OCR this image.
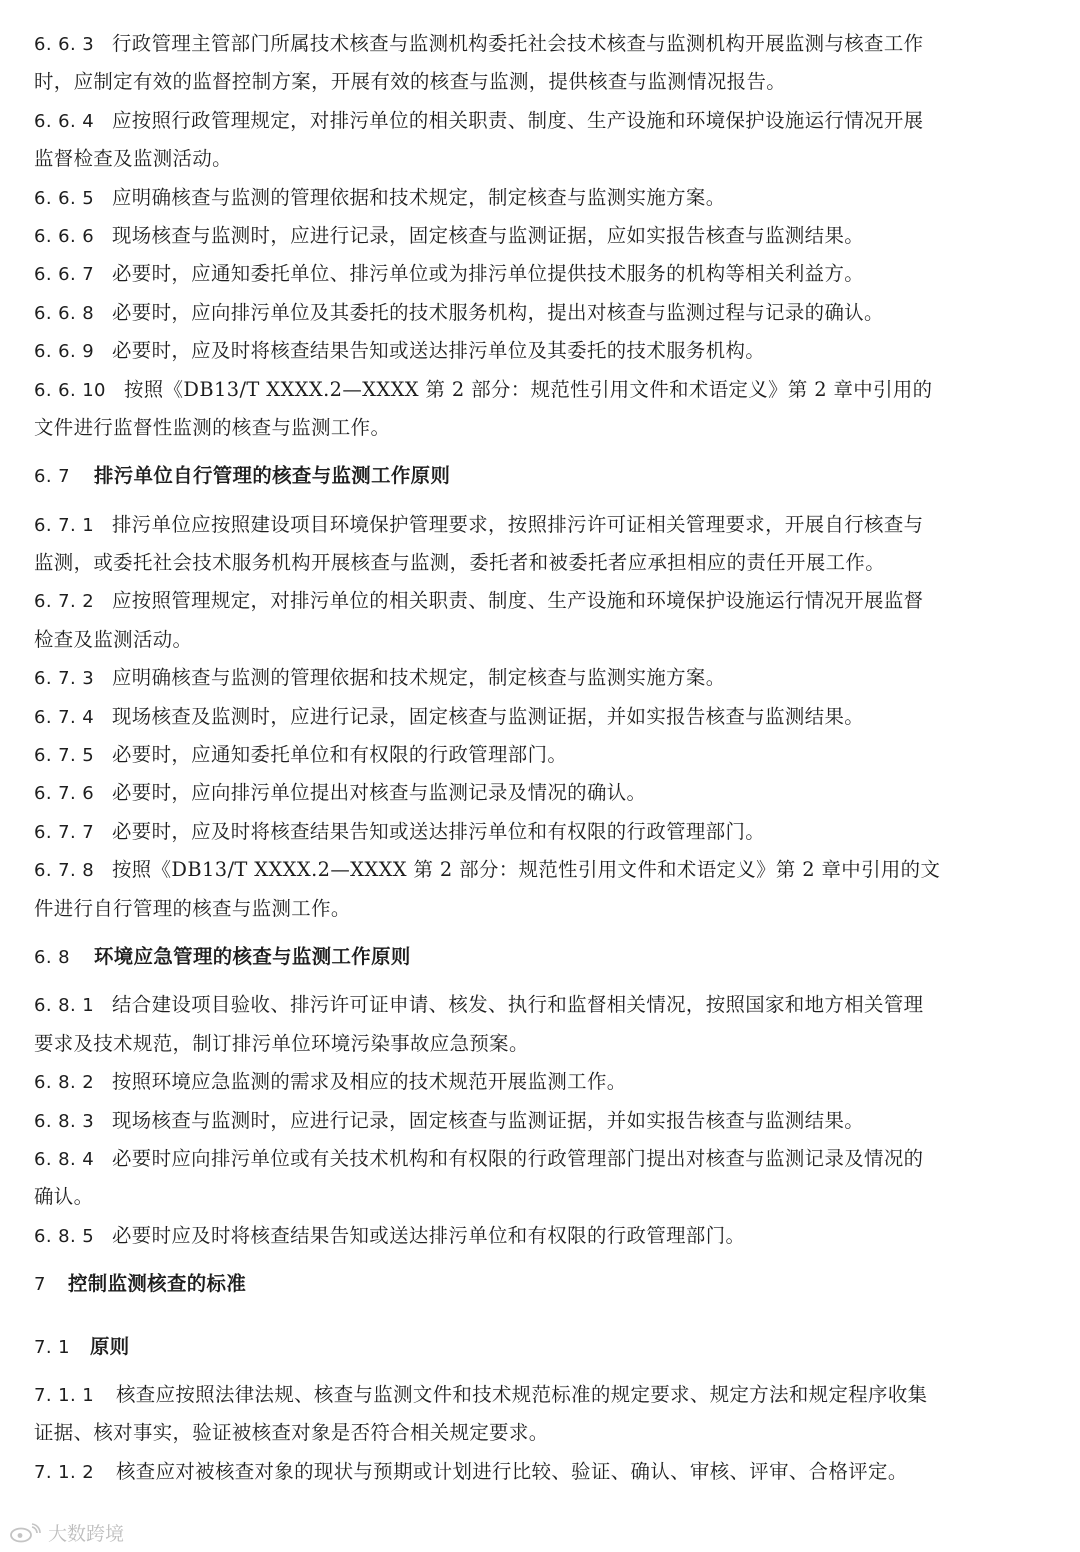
6. 6. 3 行政管理主管部门所属技术核查与监测机构委托社会技术核查与监测机构开展监测与核查工作
时，应制定有效的监督控制方案，开展有效的核查与监测，提供核查与监测情况报告。
6. 6. 4 应按照行政管理规定，对排污单位的相关职责、制度、生产设施和环境保护设施运行情况开展
监督检查及监测活动。
6. 6. 5 应明确核查与监测的管理依据和技术规定，制定核查与监测实施方案。
6. 6. 6 现场核查与监测时，应进行记录，固定核查与监测证据，应如实报告核查与监测结果。
6. 6. 7 必要时，应通知委托单位、排污单位或为排污单位提供技术服务的机构等相关利益方。
6. 6. 8 必要时，应向排污单位及其委托的技术服务机构，提出对核查与监测过程与记录的确认。
6. 6. 9 必要时，应及时将核查结果告知或送达排污单位及其委托的技术服务机构。
6. 6. 10 按照《DB13/T XXXX.2—XXXX 第 2 部分：规范性引用文件和术语定义》第 2 章中引用的
文件进行监督性监测的核查与监测工作。
6. 7 排污单位自行管理的核查与监测工作原则
6. 7. 1 排污单位应按照建设项目环境保护管理要求，按照排污许可证相关管理要求，开展自行核查与
监测，或委托社会技术服务机构开展核查与监测，委托者和被委托者应承担相应的责任开展工作。
6. 7. 2 应按照管理规定，对排污单位的相关职责、制度、生产设施和环境保护设施运行情况开展监督
检查及监测活动。
6. 7. 3 应明确核查与监测的管理依据和技术规定，制定核查与监测实施方案。
6. 7. 4 现场核查及监测时，应进行记录，固定核查与监测证据，并如实报告核查与监测结果。
6. 7. 5 必要时，应通知委托单位和有权限的行政管理部门。
6. 7. 6 必要时，应向排污单位提出对核查与监测记录及情况的确认。
6. 7. 7 必要时，应及时将核查结果告知或送达排污单位和有权限的行政管理部门。
6. 7. 8 按照《DB13/T XXXX.2—XXXX 第 2 部分：规范性引用文件和术语定义》第 2 章中引用的文
件进行自行管理的核查与监测工作。
6. 8 环境应急管理的核查与监测工作原则
6. 8. 1 结合建设项目验收、排污许可证申请、核发、执行和监督相关情况，按照国家和地方相关管理
要求及技术规范，制订排污单位环境污染事故应急预案。
6. 8. 2 按照环境应急监测的需求及相应的技术规范开展监测工作。
6. 8. 3 现场核查与监测时，应进行记录，固定核查与监测证据，并如实报告核查与监测结果。
6. 8. 4 必要时应向排污单位或有关技术机构和有权限的行政管理部门提出对核查与监测记录及情况的
确认。
6. 8. 5 必要时应及时将核查结果告知或送达排污单位和有权限的行政管理部门。
7 控制监测核查的标准
7. 1 原则
7. 1. 1 核查应按照法律法规、核查与监测文件和技术规范标准的规定要求、规定方法和规定程序收集
证据、核对事实，验证被核查对象是否符合相关规定要求。
7. 1. 2 核查应对被核查对象的现状与预期或计划进行比较、验证、确认、审核、评审、合格评定。
大数跨境
